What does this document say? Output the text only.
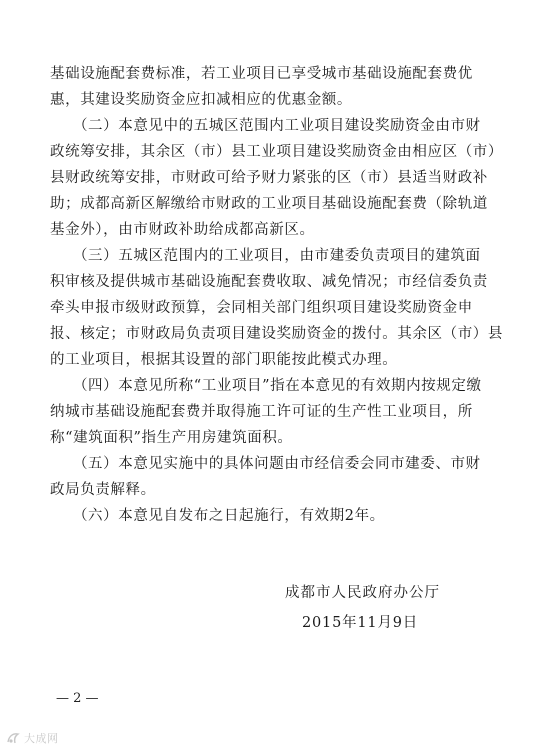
基础设施配套费标准，若工业项目已享受城市基础设施配套费优
惠，其建设奖励资金应扣减相应的优惠金额。
　　（二）本意见中的五城区范围内工业项目建设奖励资金由市财
政统筹安排，其余区（市）县工业项目建设奖励资金由相应区（市）
县财政统筹安排，市财政可给予财力紧张的区（市）县适当财政补
助；成都高新区解缴给市财政的工业项目基础设施配套费（除轨道
基金外），由市财政补助给成都高新区。
　　（三）五城区范围内的工业项目，由市建委负责项目的建筑面
积审核及提供城市基础设施配套费收取、减免情况；市经信委负责
牵头申报市级财政预算，会同相关部门组织项目建设奖励资金申
报、核定；市财政局负责项目建设奖励资金的拨付。其余区（市）县
的工业项目，根据其设置的部门职能按此模式办理。
　　（四）本意见所称“工业项目”指在本意见的有效期内按规定缴
纳城市基础设施配套费并取得施工许可证的生产性工业项目，所
称“建筑面积”指生产用房建筑面积。
　　（五）本意见实施中的具体问题由市经信委会同市建委、市财
政局负责解释。
　　（六）本意见自发布之日起施行，有效期2年。
成都市人民政府办公厅
2015年11月9日
— 2 —
大成网
